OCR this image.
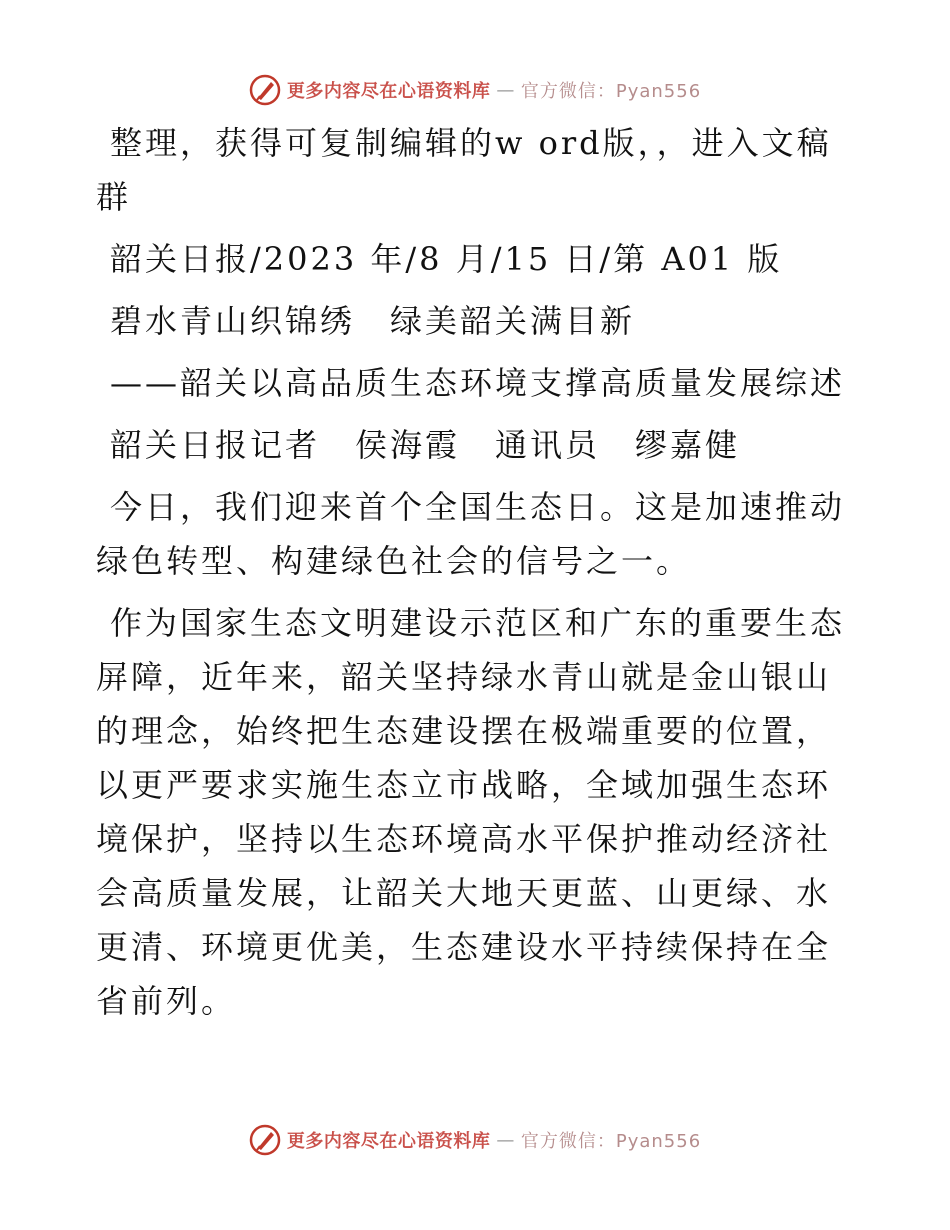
更多内容尽在心语资料库 — 官方微信：Pyan556

整理，获得可复制编辑的w ord版，，进入文稿群

韶关日报/2023 年/8 月/15 日/第 A01 版

碧水青山织锦绣　绿美韶关满目新

——韶关以高品质生态环境支撑高质量发展综述

韶关日报记者　侯海霞　通讯员　缪嘉健

今日，我们迎来首个全国生态日。这是加速推动绿色转型、构建绿色社会的信号之一。

作为国家生态文明建设示范区和广东的重要生态屏障，近年来，韶关坚持绿水青山就是金山银山的理念，始终把生态建设摆在极端重要的位置，以更严要求实施生态立市战略，全域加强生态环境保护，坚持以生态环境高水平保护推动经济社会高质量发展，让韶关大地天更蓝、山更绿、水更清、环境更优美，生态建设水平持续保持在全省前列。

更多内容尽在心语资料库 — 官方微信：Pyan556
